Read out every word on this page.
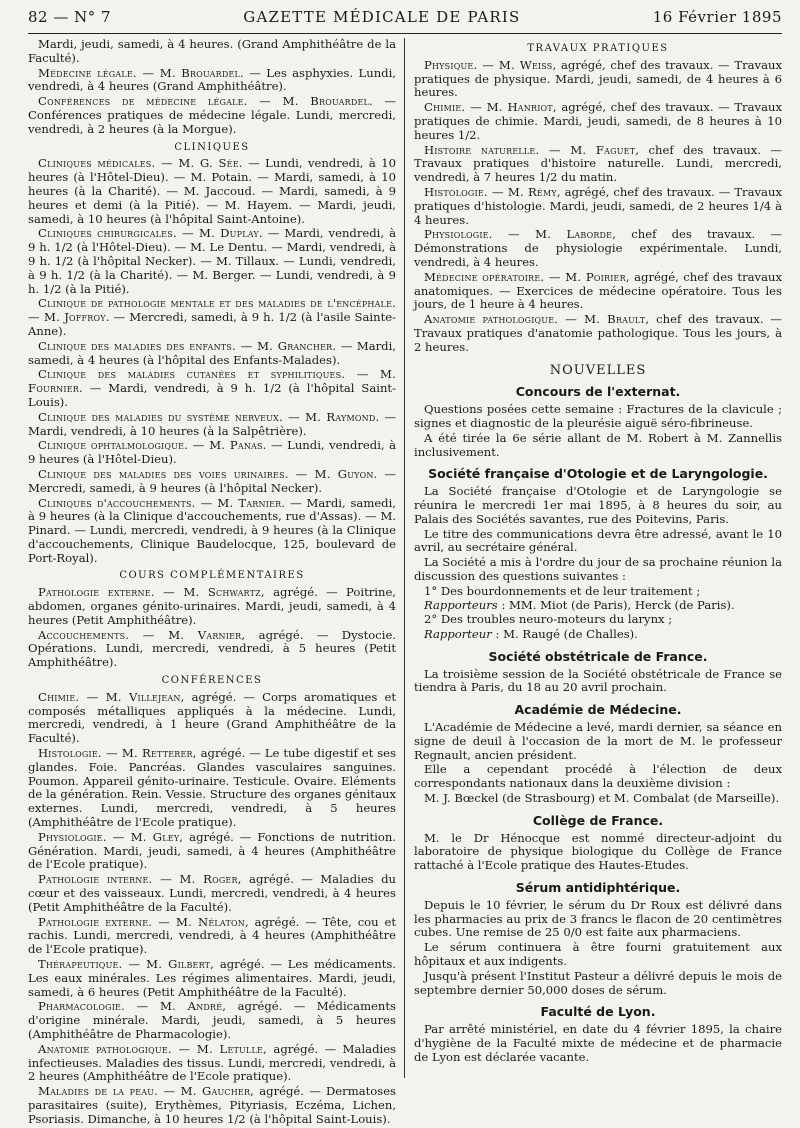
82 — N° 7	GAZETTE MÉDICALE DE PARIS	16 Février 1895

Mardi, jeudi, samedi, à 4 heures. (Grand Amphithéâtre de la Faculté).

Médecine légale. — M. Brouardel. — Les asphyxies. Lundi, vendredi, à 4 heures (Grand Amphithéâtre).

Conférences de médecine légale. — M. Brouardel. — Conférences pratiques de médecine légale. Lundi, mercredi, vendredi, à 2 heures (à la Morgue).

CLINIQUES

Cliniques médicales. — M. G. Sée. — Lundi, vendredi, à 10 heures (à l'Hôtel-Dieu). — M. Potain. — Mardi, samedi, à 10 heures (à la Charité). — M. Jaccoud. — Mardi, samedi, à 9 heures et demi (à la Pitié). — M. Hayem. — Mardi, jeudi, samedi, à 10 heures (à l'hôpital Saint-Antoine).

Cliniques chirurgicales. — M. Duplay. — Mardi, vendredi, à 9 h. 1/2 (à l'Hôtel-Dieu). — M. Le Dentu. — Mardi, vendredi, à 9 h. 1/2 (à l'hôpital Necker). — M. Tillaux. — Lundi, vendredi, à 9 h. 1/2 (à la Charité). — M. Berger. — Lundi, vendredi, à 9 h. 1/2 (à la Pitié).

Clinique de pathologie mentale et des maladies de l'encéphale. — M. Joffroy. — Mercredi, samedi, à 9 h. 1/2 (à l'asile Sainte-Anne).

Clinique des maladies des enfants. — M. Grancher. — Mardi, samedi, à 4 heures (à l'hôpital des Enfants-Malades).

Clinique des maladies cutanées et syphilitiques. — M. Fournier. — Mardi, vendredi, à 9 h. 1/2 (à l'hôpital Saint-Louis).

Clinique des maladies du système nerveux. — M. Raymond. — Mardi, vendredi, à 10 heures (à la Salpêtrière).

Clinique ophtalmologique. — M. Panas. — Lundi, vendredi, à 9 heures (à l'Hôtel-Dieu).

Clinique des maladies des voies urinaires. — M. Guyon. — Mercredi, samedi, à 9 heures (à l'hôpital Necker).

Cliniques d'accouchements. — M. Tarnier. — Mardi, samedi, à 9 heures (à la Clinique d'accouchements, rue d'Assas). — M. Pinard. — Lundi, mercredi, vendredi, à 9 heures (à la Clinique d'accouchements, Clinique Baudelocque, 125, boulevard de Port-Royal).

COURS COMPLÉMENTAIRES

Pathologie externe. — M. Schwartz, agrégé. — Poitrine, abdomen, organes génito-urinaires. Mardi, jeudi, samedi, à 4 heures (Petit Amphithéâtre).

Accouchements. — M. Varnier, agrégé. — Dystocie. Opérations. Lundi, mercredi, vendredi, à 5 heures (Petit Amphithéâtre).

CONFÉRENCES

Chimie. — M. Villejean, agrégé. — Corps aromatiques et composés métalliques appliqués à la médecine. Lundi, mercredi, vendredi, à 1 heure (Grand Amphithéâtre de la Faculté).

Histologie. — M. Retterer, agrégé. — Le tube digestif et ses glandes. Foie. Pancréas. Glandes vasculaires sanguines. Poumon. Appareil génito-urinaire. Testicule. Ovaire. Eléments de la génération. Rein. Vessie. Structure des organes génitaux externes. Lundi, mercredi, vendredi, à 5 heures (Amphithéâtre de l'Ecole pratique).

Physiologie. — M. Gley, agrégé. — Fonctions de nutrition. Génération. Mardi, jeudi, samedi, à 4 heures (Amphithéâtre de l'Ecole pratique).

Pathologie interne. — M. Roger, agrégé. — Maladies du cœur et des vaisseaux. Lundi, mercredi, vendredi, à 4 heures (Petit Amphithéâtre de la Faculté).

Pathologie externe. — M. Nélaton, agrégé. — Tête, cou et rachis. Lundi, mercredi, vendredi, à 4 heures (Amphithéâtre de l'Ecole pratique).

Thérapeutique. — M. Gilbert, agrégé. — Les médicaments. Les eaux minérales. Les régimes alimentaires. Mardi, jeudi, samedi, à 6 heures (Petit Amphithéâtre de la Faculté).

Pharmacologie. — M. André, agrégé. — Médicaments d'origine minérale. Mardi, jeudi, samedi, à 5 heures (Amphithéâtre de Pharmacologie).

Anatomie pathologique. — M. Letulle, agrégé. — Maladies infectieuses. Maladies des tissus. Lundi, mercredi, vendredi, à 2 heures (Amphithéâtre de l'Ecole pratique).

Maladies de la peau. — M. Gaucher, agrégé. — Dermatoses parasitaires (suite), Erythèmes, Pityriasis, Eczéma, Lichen, Psoriasis. Dimanche, à 10 heures 1/2 (à l'hôpital Saint-Louis).

TRAVAUX PRATIQUES

Physique. — M. Weiss, agrégé, chef des travaux. — Travaux pratiques de physique. Mardi, jeudi, samedi, de 4 heures à 6 heures.

Chimie. — M. Hanriot, agrégé, chef des travaux. — Travaux pratiques de chimie. Mardi, jeudi, samedi, de 8 heures à 10 heures 1/2.

Histoire naturelle. — M. Faguet, chef des travaux. — Travaux pratiques d'histoire naturelle. Lundi, mercredi, vendredi, à 7 heures 1/2 du matin.

Histologie. — M. Rémy, agrégé, chef des travaux. — Travaux pratiques d'histologie. Mardi, jeudi, samedi, de 2 heures 1/4 à 4 heures.

Physiologie. — M. Laborde, chef des travaux. — Démonstrations de physiologie expérimentale. Lundi, vendredi, à 4 heures.

Médecine opératoire. — M. Poirier, agrégé, chef des travaux anatomiques. — Exercices de médecine opératoire. Tous les jours, de 1 heure à 4 heures.

Anatomie pathologique. — M. Brault, chef des travaux. — Travaux pratiques d'anatomie pathologique. Tous les jours, à 2 heures.

NOUVELLES
Concours de l'externat.

Questions posées cette semaine : Fractures de la clavicule ; signes et diagnostic de la pleurésie aiguë séro-fibrineuse.

A été tirée la 6e série allant de M. Robert à M. Zannellis inclusivement.

Société française d'Otologie et de Laryngologie.

La Société française d'Otologie et de Laryngologie se réunira le mercredi 1er mai 1895, à 8 heures du soir, au Palais des Sociétés savantes, rue des Poitevins, Paris.

Le titre des communications devra être adressé, avant le 10 avril, au secrétaire général.

La Société a mis à l'ordre du jour de sa prochaine réunion la discussion des questions suivantes :

1° Des bourdonnements et de leur traitement ;

Rapporteurs : MM. Miot (de Paris), Herck (de Paris).

2° Des troubles neuro-moteurs du larynx ;

Rapporteur : M. Raugé (de Challes).

Société obstétricale de France.

La troisième session de la Société obstétricale de France se tiendra à Paris, du 18 au 20 avril prochain.

Académie de Médecine.

L'Académie de Médecine a levé, mardi dernier, sa séance en signe de deuil à l'occasion de la mort de M. le professeur Regnault, ancien président.

Elle a cependant procédé à l'élection de deux correspondants nationaux dans la deuxième division :

M. J. Bœckel (de Strasbourg) et M. Combalat (de Marseille).

Collège de France.

M. le Dr Hénocque est nommé directeur-adjoint du laboratoire de physique biologique du Collège de France rattaché à l'Ecole pratique des Hautes-Etudes.

Sérum antidiphtérique.

Depuis le 10 février, le sérum du Dr Roux est délivré dans les pharmacies au prix de 3 francs le flacon de 20 centimètres cubes. Une remise de 25 0/0 est faite aux pharmaciens.

Le sérum continuera à être fourni gratuitement aux hôpitaux et aux indigents.

Jusqu'à présent l'Institut Pasteur a délivré depuis le mois de septembre dernier 50,000 doses de sérum.

Faculté de Lyon.

Par arrêté ministériel, en date du 4 février 1895, la chaire d'hygiène de la Faculté mixte de médecine et de pharmacie de Lyon est déclarée vacante.
